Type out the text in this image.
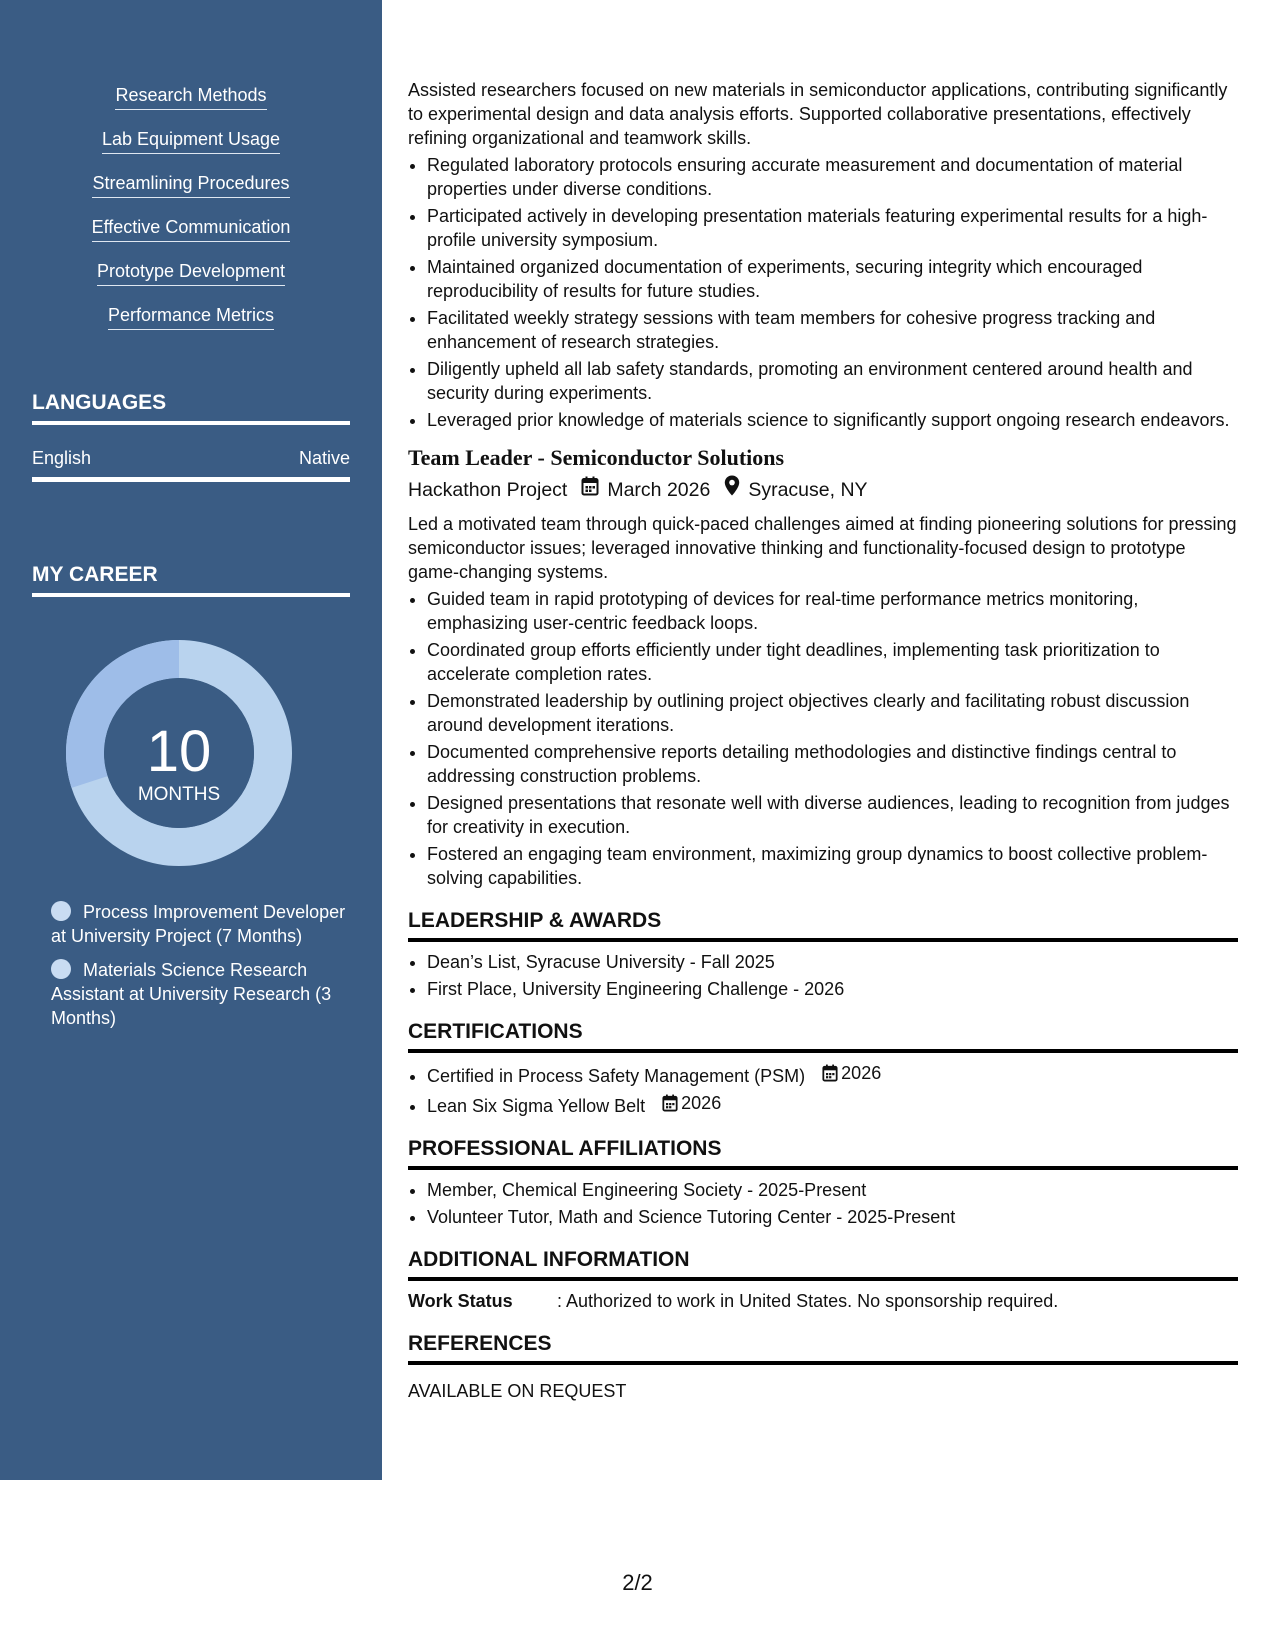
Research Methods
Lab Equipment Usage
Streamlining Procedures
Effective Communication
Prototype Development
Performance Metrics
LANGUAGES
English	Native
MY CAREER
10
MONTHS
Process Improvement Developer at University Project (7 Months)
Materials Science Research Assistant at University Research (3 Months)

Assisted researchers focused on new materials in semiconductor applications, contributing significantly to experimental design and data analysis efforts. Supported collaborative presentations, effectively refining organizational and teamwork skills.

• Regulated laboratory protocols ensuring accurate measurement and documentation of material properties under diverse conditions.
• Participated actively in developing presentation materials featuring experimental results for a high-profile university symposium.
• Maintained organized documentation of experiments, securing integrity which encouraged reproducibility of results for future studies.
• Facilitated weekly strategy sessions with team members for cohesive progress tracking and enhancement of research strategies.
• Diligently upheld all lab safety standards, promoting an environment centered around health and security during experiments.
• Leveraged prior knowledge of materials science to significantly support ongoing research endeavors.
Team Leader - Semiconductor Solutions
Hackathon Project March 2026 Syracuse, NY

Led a motivated team through quick-paced challenges aimed at finding pioneering solutions for pressing semiconductor issues; leveraged innovative thinking and functionality-focused design to prototype game-changing systems.

• Guided team in rapid prototyping of devices for real-time performance metrics monitoring, emphasizing user-centric feedback loops.
• Coordinated group efforts efficiently under tight deadlines, implementing task prioritization to accelerate completion rates.
• Demonstrated leadership by outlining project objectives clearly and facilitating robust discussion around development iterations.
• Documented comprehensive reports detailing methodologies and distinctive findings central to addressing construction problems.
• Designed presentations that resonate well with diverse audiences, leading to recognition from judges for creativity in execution.
• Fostered an engaging team environment, maximizing group dynamics to boost collective problem-solving capabilities.
LEADERSHIP & AWARDS
• Dean’s List, Syracuse University - Fall 2025
• First Place, University Engineering Challenge - 2026
CERTIFICATIONS
• Certified in Process Safety Management (PSM) 2026
• Lean Six Sigma Yellow Belt 2026
PROFESSIONAL AFFILIATIONS
• Member, Chemical Engineering Society - 2025-Present
• Volunteer Tutor, Math and Science Tutoring Center - 2025-Present
ADDITIONAL INFORMATION
Work Status	: Authorized to work in United States. No sponsorship required.
REFERENCES
AVAILABLE ON REQUEST
2/2
